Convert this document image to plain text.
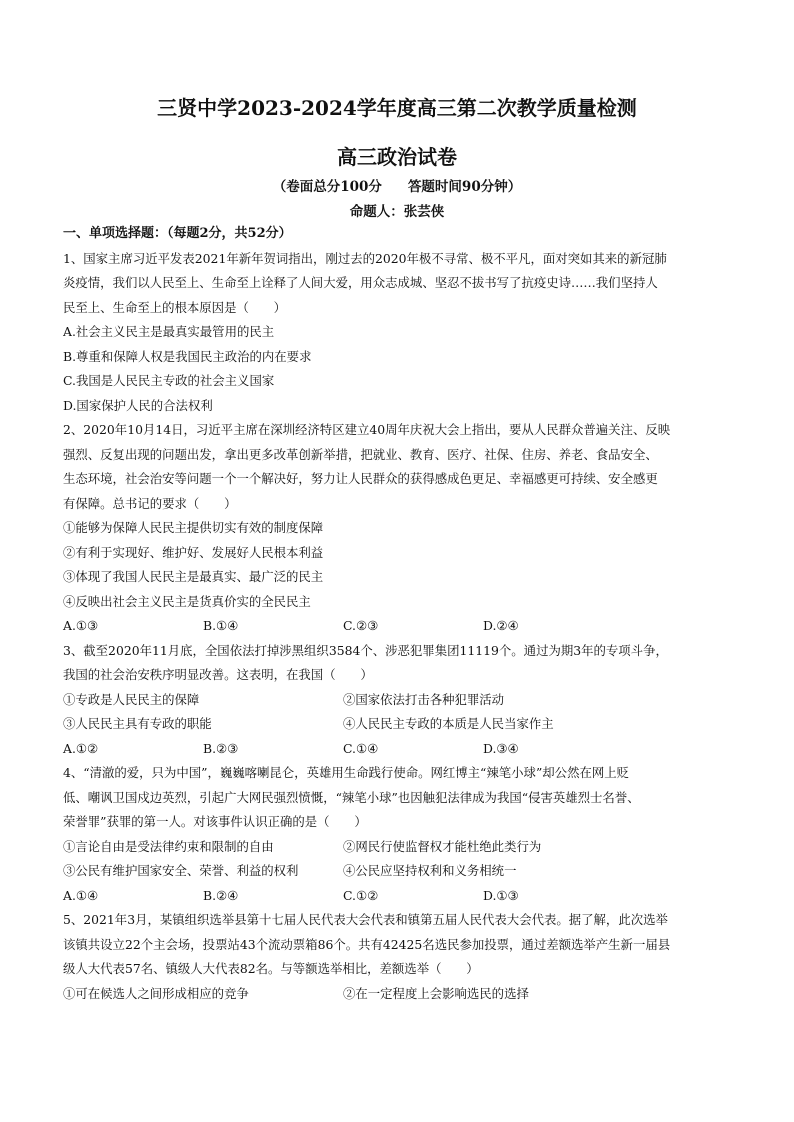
三贤中学2023-2024学年度高三第二次教学质量检测
高三政治试卷
（卷面总分100分 答题时间90分钟）
命题人：张芸侠
一、单项选择题：（每题2分，共52分）
1、国家主席习近平发表2021年新年贺词指出，刚过去的2020年极不寻常、极不平凡，面对突如其来的新冠肺
炎疫情，我们以人民至上、生命至上诠释了人间大爱，用众志成城、坚忍不拔书写了抗疫史诗……我们坚持人
民至上、生命至上的根本原因是（　　）
A.社会主义民主是最真实最管用的民主
B.尊重和保障人权是我国民主政治的内在要求
C.我国是人民民主专政的社会主义国家
D.国家保护人民的合法权利
2、2020年10月14日，习近平主席在深圳经济特区建立40周年庆祝大会上指出，要从人民群众普遍关注、反映
强烈、反复出现的问题出发，拿出更多改革创新举措，把就业、教育、医疗、社保、住房、养老、食品安全、
生态环境，社会治安等问题一个一个解决好，努力让人民群众的获得感成色更足、幸福感更可持续、安全感更
有保障。总书记的要求（　　）
①能够为保障人民民主提供切实有效的制度保障
②有利于实现好、维护好、发展好人民根本利益
③体现了我国人民民主是最真实、最广泛的民主
④反映出社会主义民主是货真价实的全民民主
A.①③	B.①④	C.②③	D.②④
3、截至2020年11月底，全国依法打掉涉黑组织3584个、涉恶犯罪集团11119个。通过为期3年的专项斗争，
我国的社会治安秩序明显改善。这表明，在我国（　　）
①专政是人民民主的保障	②国家依法打击各种犯罪活动
③人民民主具有专政的职能	④人民民主专政的本质是人民当家作主
A.①②	B.②③	C.①④	D.③④
4、“清澈的爱，只为中国”，巍巍喀喇昆仑，英雄用生命践行使命。网红博主“辣笔小球”却公然在网上贬
低、嘲讽卫国戍边英烈，引起广大网民强烈愤慨，“辣笔小球”也因触犯法律成为我国“侵害英雄烈士名誉、
荣誉罪”获罪的第一人。对该事件认识正确的是（　　）
①言论自由是受法律约束和限制的自由	②网民行使监督权才能杜绝此类行为
③公民有维护国家安全、荣誉、利益的权利	④公民应坚持权利和义务相统一
A.①④	B.②④	C.①②	D.①③
5、2021年3月，某镇组织选举县第十七届人民代表大会代表和镇第五届人民代表大会代表。据了解，此次选举
该镇共设立22个主会场，投票站43个流动票箱86个。共有42425名选民参加投票，通过差额选举产生新一届县
级人大代表57名、镇级人大代表82名。与等额选举相比，差额选举（　　）
①可在候选人之间形成相应的竞争	②在一定程度上会影响选民的选择
